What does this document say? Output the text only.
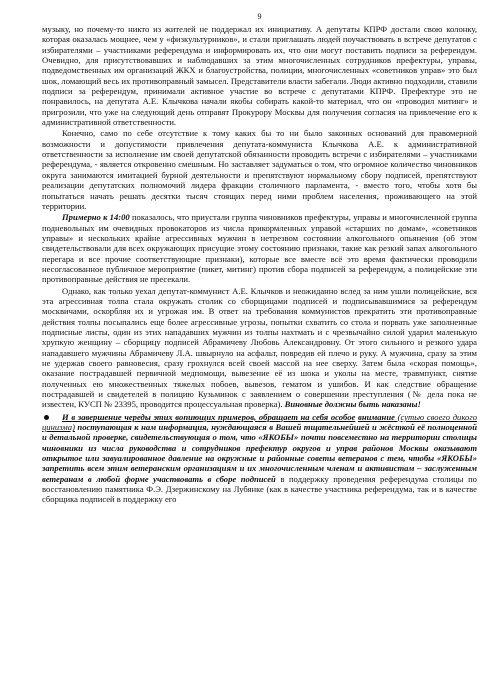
9

музыку, но почему-то никто из жителей не поддержал их инициативу. А депутаты КПРФ достали свою колонку, которая оказалась мощнее, чем у «физкультурников», и стали приглашать людей поучаствовать в встрече депутатов с избирателями – участниками референдума и информировать их, что они могут поставить подписи за референдум. Очевидно, для присутствовавших и наблюдавших за этим многочисленных сотрудников префектуры, управы, подведомственных им организаций ЖКХ и благоустройства, полиции, многочисленных «советников управ» это был шок, ломающий весь их противоправный замысел. Представители власти забегали. Люди активно подходили, ставили подписи за референдум, принимали активное участие во встрече с депутатами КПРФ. Префектуре это не понравилось, на депутата А.Е. Клычкова начали якобы собирать какой-то материал, что он «проводил митинг» и пригрозили, что уже на следующий день отправят Прокурору Москвы для получения согласия на привлечение его к административной ответственности.

Конечно, само по себе отсутствие к тому каких бы то ни было законных оснований для правомерной возможности и допустимости привлечения депутата-коммуниста Клычкова А.Е. к административной ответственности за исполнение им своей депутатской обязанности проводить встречи с избирателями – участниками референдума, - является откровенно смешным. Но заставляет задуматься о том, что огромное количество чиновников округа занимаются имитацией бурной деятельности и препятствуют нормальному сбору подписей, препятствуют реализации депутатских полномочий лидера фракции столичного парламента, - вместо того, чтобы хотя бы попытаться начать решать десятки тысяч стоящих перед ними проблем населения, проживающего на этой территории.

Примерно к 14:00 показалось, что приустали группа чиновников префектуры, управы и многочисленной группа подневольных им очевидных провокаторов из числа прикормленных управой «старших по домам», «советников управы» и нескольких крайне агрессивных мужчин в нетрезвом состоянии алкогольного опьянения (об этом свидетельствовали для всех окружающих присущие этому состоянию признаки, такие как резкий запах алкогольного перегара и все прочие соответствующие признаки), которые все вместе всё это время фактически проводили несогласованное публичное мероприятие (пикет, митинг) против сбора подписей за референдум, а полицейские эти противоправные действия не пресекали.

Однако, как только уехал депутат-коммунист А.Е. Клычков и неожиданно вслед за ним ушли полицейские, вся эта агрессивная толпа стала окружать столик со сборщицами подписей и подписывавшимися за референдум москвичами, оскорбляя их и угрожая им. В ответ на требования коммунистов прекратить эти противоправные действия толпы посыпались еще более агрессивные угрозы, попытки схватить со стола и порвать уже заполненные подписные листы, один из этих нападавших мужчин из толпы нахтмать и с чрезвычайно силой ударил маленькую хрупкую женщину – сборщицу подписей Абрамичеву Любовь Александровну. От этого сильного и резкого удара нападавшего мужчины Абрамичеву Л.А. швырнуло на асфальт, повредив ей плечо и руку. А мужчина, сразу за этим не удержав своего равновесия, сразу грохнулся всей своей массой на нее сверху. Затем была «скорая помощь», оказание пострадавшей первичной медпомощи, вывезение её из шока и уколы на месте, травмпункт, снятие полученных ею множественных тяжелых побоев, вывезов, гематом и ушибов. И как следствие обращение пострадавшей и свидетелей в полицию Кузьминок с заявлением о совершении преступления (№ дела пока не известен, КУСП № 23395, проводится процессуальная проверка). Виновные должны быть наказаны!

И в завершение череды этих вопиющих примеров, обращает на себя особое внимание (сутью своего дикого цинизма) поступающая к нам информация, нуждающаяся в Вашей тщательнейшей и жёсткой её полноценной и детальной проверке, свидетельствующая о том, что «ЯКОБЫ» почти повсеместно на территории столицы чиновники из числа руководства и сотрудников префектур округов и управ районов Москвы оказывают открытое или завуалированное давление на окружные и районные советы ветеранов с тем, чтобы «ЯКОБЫ» запретить всем этим ветеранским организациям и их многочисленным членам и активистам – заслуженным ветеранам в любой форме участвовать в сборе подписей в поддержку проведения референдума столицы по восстановлению памятника Ф.Э. Дзержинскому на Лубянке (как в качестве участника референдума, так и в качестве сборщика подписей в поддержку его
